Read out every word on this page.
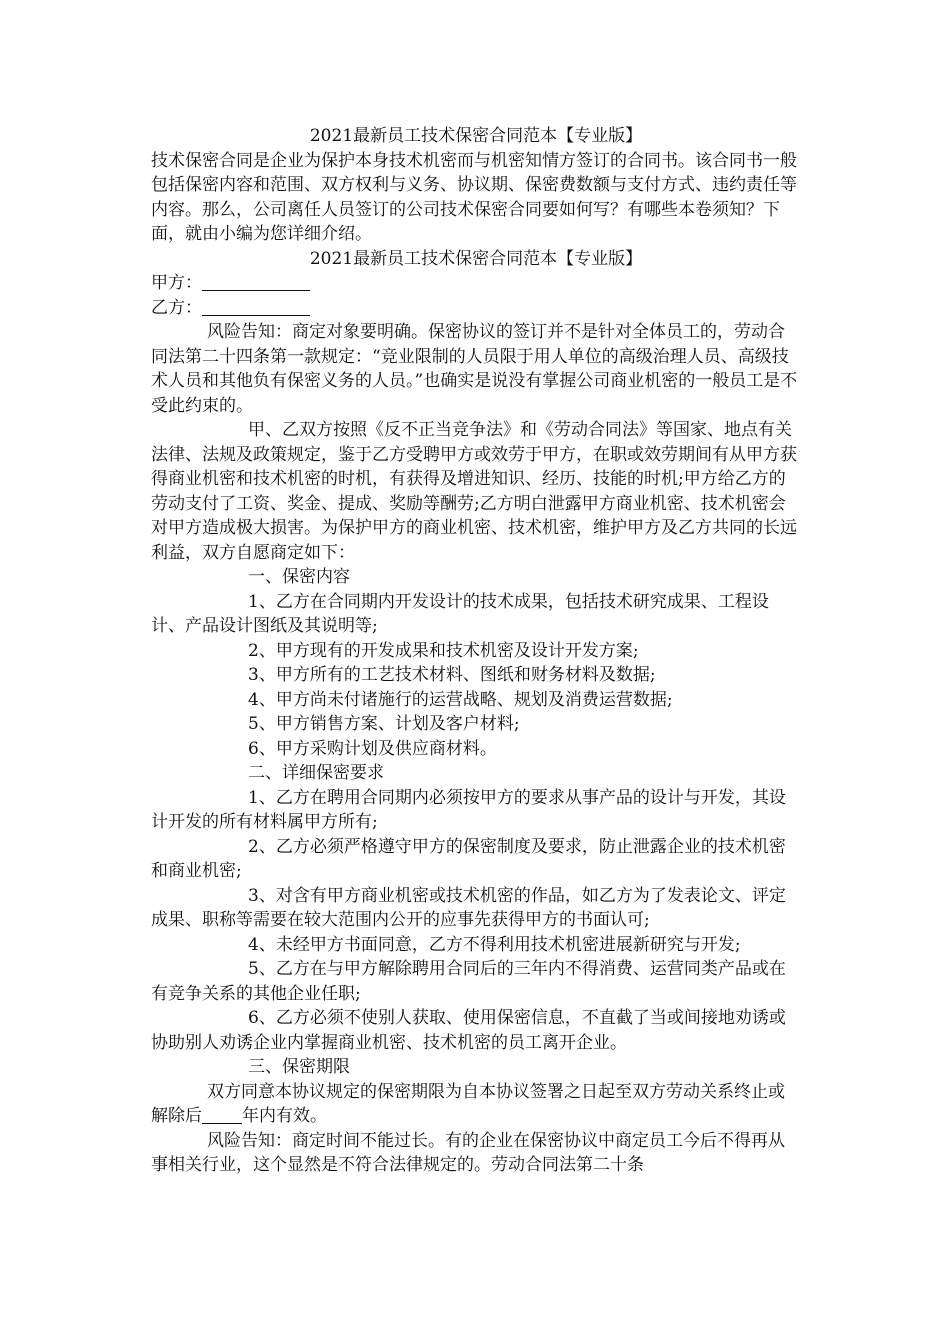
2021最新员工技术保密合同范本【专业版】

技术保密合同是企业为保护本身技术机密而与机密知情方签订的合同书。该合同书一般包括保密内容和范围、双方权利与义务、协议期、保密费数额与支付方式、违约责任等内容。那么，公司离任人员签订的公司技术保密合同要如何写？有哪些本卷须知？下面，就由小编为您详细介绍。

2021最新员工技术保密合同范本【专业版】

甲方：

乙方：

风险告知：商定对象要明确。保密协议的签订并不是针对全体员工的，劳动合同法第二十四条第一款规定：“竞业限制的人员限于用人单位的高级治理人员、高级技术人员和其他负有保密义务的人员。”也确实是说没有掌握公司商业机密的一般员工是不受此约束的。

甲、乙双方按照《反不正当竞争法》和《劳动合同法》等国家、地点有关法律、法规及政策规定，鉴于乙方受聘甲方或效劳于甲方，在职或效劳期间有从甲方获得商业机密和技术机密的时机，有获得及增进知识、经历、技能的时机;甲方给乙方的劳动支付了工资、奖金、提成、奖励等酬劳;乙方明白泄露甲方商业机密、技术机密会对甲方造成极大损害。为保护甲方的商业机密、技术机密，维护甲方及乙方共同的长远利益，双方自愿商定如下：

一、保密内容

1、乙方在合同期内开发设计的技术成果，包括技术研究成果、工程设计、产品设计图纸及其说明等;

2、甲方现有的开发成果和技术机密及设计开发方案;

3、甲方所有的工艺技术材料、图纸和财务材料及数据;

4、甲方尚未付诸施行的运营战略、规划及消费运营数据;

5、甲方销售方案、计划及客户材料;

6、甲方采购计划及供应商材料。

二、详细保密要求

1、乙方在聘用合同期内必须按甲方的要求从事产品的设计与开发，其设计开发的所有材料属甲方所有;

2、乙方必须严格遵守甲方的保密制度及要求，防止泄露企业的技术机密和商业机密;

3、对含有甲方商业机密或技术机密的作品，如乙方为了发表论文、评定成果、职称等需要在较大范围内公开的应事先获得甲方的书面认可;

4、未经甲方书面同意，乙方不得利用技术机密进展新研究与开发;

5、乙方在与甲方解除聘用合同后的三年内不得消费、运营同类产品或在有竞争关系的其他企业任职;

6、乙方必须不使别人获取、使用保密信息，不直截了当或间接地劝诱或协助别人劝诱企业内掌握商业机密、技术机密的员工离开企业。

三、保密期限

双方同意本协议规定的保密期限为自本协议签署之日起至双方劳动关系终止或解除后 年内有效。

风险告知：商定时间不能过长。有的企业在保密协议中商定员工今后不得再从事相关行业，这个显然是不符合法律规定的。劳动合同法第二十条
